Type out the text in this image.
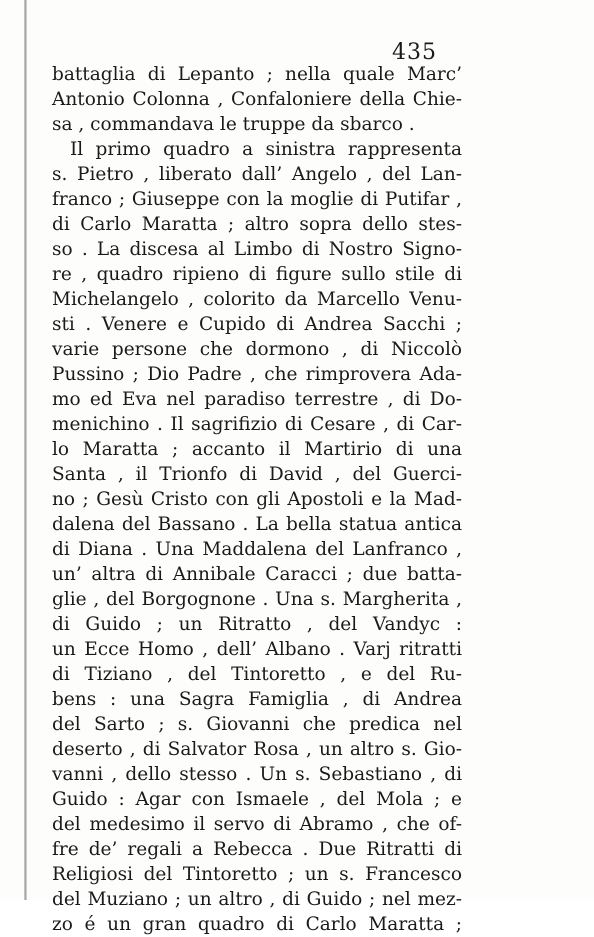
435
battaglia di Lepanto ; nella quale Marc’
Antonio Colonna , Confaloniere della Chie-
sa , commandava le truppe da sbarco .
Il primo quadro a sinistra rappresenta
s. Pietro , liberato dall’ Angelo , del Lan-
franco ; Giuseppe con la moglie di Putifar ,
di Carlo Maratta ; altro sopra dello stes-
so . La discesa al Limbo di Nostro Signo-
re , quadro ripieno di figure sullo stile di
Michelangelo , colorito da Marcello Venu-
sti . Venere e Cupido di Andrea Sacchi ;
varie persone che dormono , di Niccolò
Pussino ; Dio Padre , che rimprovera Ada-
mo ed Eva nel paradiso terrestre , di Do-
menichino . Il sagrifizio di Cesare , di Car-
lo Maratta ; accanto il Martirio di una
Santa , il Trionfo di David , del Guerci-
no ; Gesù Cristo con gli Apostoli e la Mad-
dalena del Bassano . La bella statua antica
di Diana . Una Maddalena del Lanfranco ,
un’ altra di Annibale Caracci ; due batta-
glie , del Borgognone . Una s. Margherita ,
di Guido ; un Ritratto , del Vandyc :
un Ecce Homo , dell’ Albano . Varj ritratti
di Tiziano , del Tintoretto , e del Ru-
bens : una Sagra Famiglia , di Andrea
del Sarto ; s. Giovanni che predica nel
deserto , di Salvator Rosa , un altro s. Gio-
vanni , dello stesso . Un s. Sebastiano , di
Guido : Agar con Ismaele , del Mola ; e
del medesimo il servo di Abramo , che of-
fre de’ regali a Rebecca . Due Ritratti di
Religiosi del Tintoretto ; un s. Francesco
del Muziano ; un altro , di Guido ; nel mez-
zo é un gran quadro di Carlo Maratta ;
